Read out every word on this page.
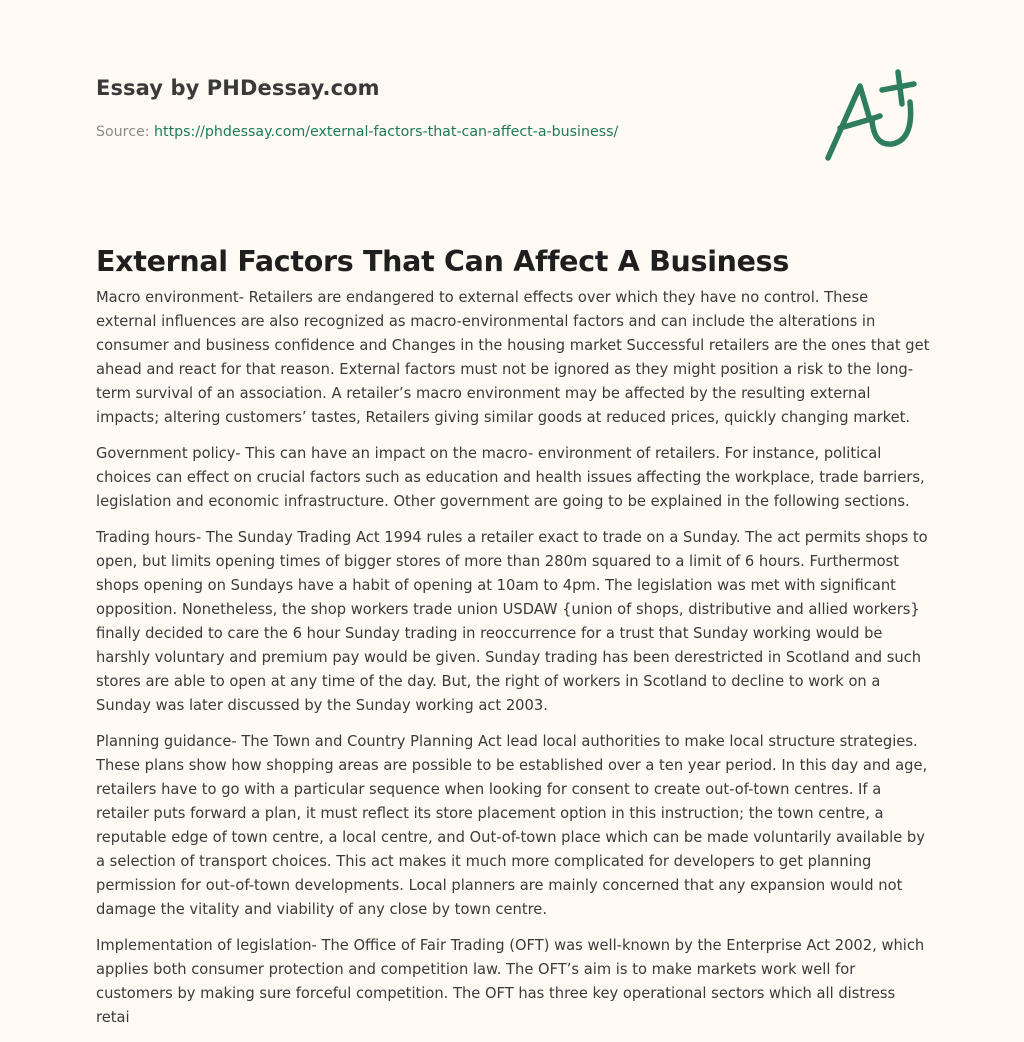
Essay by PHDessay.com
Source: https://phdessay.com/external-factors-that-can-affect-a-business/
External Factors That Can Affect A Business

Macro environment- Retailers are endangered to external effects over which they have no control. These external influences are also recognized as macro-environmental factors and can include the alterations in consumer and business confidence and Changes in the housing market Successful retailers are the ones that get ahead and react for that reason. External factors must not be ignored as they might position a risk to the long-term survival of an association. A retailer’s macro environment may be affected by the resulting external impacts; altering customers’ tastes, Retailers giving similar goods at reduced prices, quickly changing market.

Government policy- This can have an impact on the macro- environment of retailers. For instance, political choices can effect on crucial factors such as education and health issues affecting the workplace, trade barriers, legislation and economic infrastructure. Other government are going to be explained in the following sections.

Trading hours- The Sunday Trading Act 1994 rules a retailer exact to trade on a Sunday. The act permits shops to open, but limits opening times of bigger stores of more than 280m squared to a limit of 6 hours. Furthermost shops opening on Sundays have a habit of opening at 10am to 4pm. The legislation was met with significant opposition. Nonetheless, the shop workers trade union USDAW {union of shops, distributive and allied workers} finally decided to care the 6 hour Sunday trading in reoccurrence for a trust that Sunday working would be harshly voluntary and premium pay would be given. Sunday trading has been derestricted in Scotland and such stores are able to open at any time of the day. But, the right of workers in Scotland to decline to work on a Sunday was later discussed by the Sunday working act 2003.

Planning guidance- The Town and Country Planning Act lead local authorities to make local structure strategies. These plans show how shopping areas are possible to be established over a ten year period. In this day and age, retailers have to go with a particular sequence when looking for consent to create out-of-town centres. If a retailer puts forward a plan, it must reflect its store placement option in this instruction; the town centre, a reputable edge of town centre, a local centre, and Out-of-town place which can be made voluntarily available by a selection of transport choices. This act makes it much more complicated for developers to get planning permission for out-of-town developments. Local planners are mainly concerned that any expansion would not damage the vitality and viability of any close by town centre.

Implementation of legislation- The Office of Fair Trading (OFT) was well-known by the Enterprise Act 2002, which applies both consumer protection and competition law. The OFT’s aim is to make markets work well for customers by making sure forceful competition. The OFT has three key operational sectors which all distress retai
